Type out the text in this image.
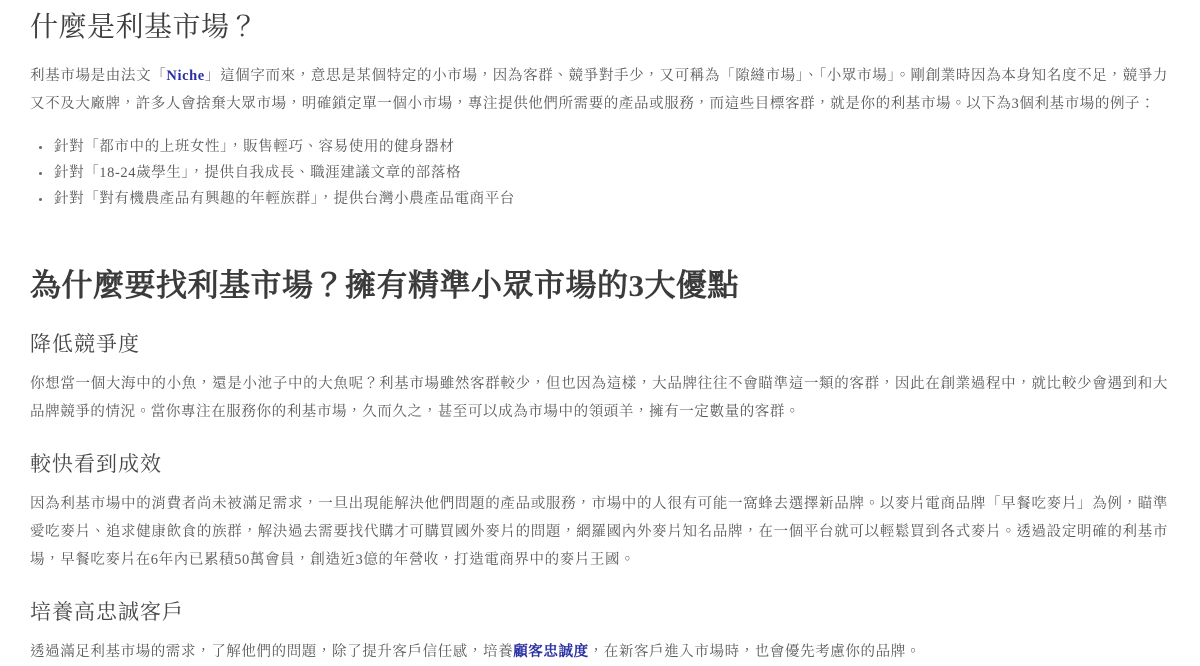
什麼是利基市場？

利基市場是由法文「Niche」這個字而來，意思是某個特定的小市場，因為客群、競爭對手少，又可稱為「隙縫市場」、「小眾市場」。剛創業時因為本身知名度不足，競爭力又不及大廠牌，許多人會捨棄大眾市場，明確鎖定單一個小市場，專注提供他們所需要的產品或服務，而這些目標客群，就是你的利基市場。以下為3個利基市場的例子：

• 針對「都市中的上班女性」，販售輕巧、容易使用的健身器材
• 針對「18-24歲學生」，提供自我成長、職涯建議文章的部落格
• 針對「對有機農產品有興趣的年輕族群」，提供台灣小農產品電商平台
為什麼要找利基市場？擁有精準小眾市場的3大優點
降低競爭度

你想當一個大海中的小魚，還是小池子中的大魚呢？利基市場雖然客群較少，但也因為這樣，大品牌往往不會瞄準這一類的客群，因此在創業過程中，就比較少會遇到和大品牌競爭的情況。當你專注在服務你的利基市場，久而久之，甚至可以成為市場中的領頭羊，擁有一定數量的客群。

較快看到成效

因為利基市場中的消費者尚未被滿足需求，一旦出現能解決他們問題的產品或服務，市場中的人很有可能一窩蜂去選擇新品牌。以麥片電商品牌「早餐吃麥片」為例，瞄準愛吃麥片、追求健康飲食的族群，解決過去需要找代購才可購買國外麥片的問題，網羅國內外麥片知名品牌，在一個平台就可以輕鬆買到各式麥片。透過設定明確的利基市場，早餐吃麥片在6年內已累積50萬會員，創造近3億的年營收，打造電商界中的麥片王國。

培養高忠誠客戶

透過滿足利基市場的需求，了解他們的問題，除了提升客戶信任感，培養顧客忠誠度，在新客戶進入市場時，也會優先考慮你的品牌。
